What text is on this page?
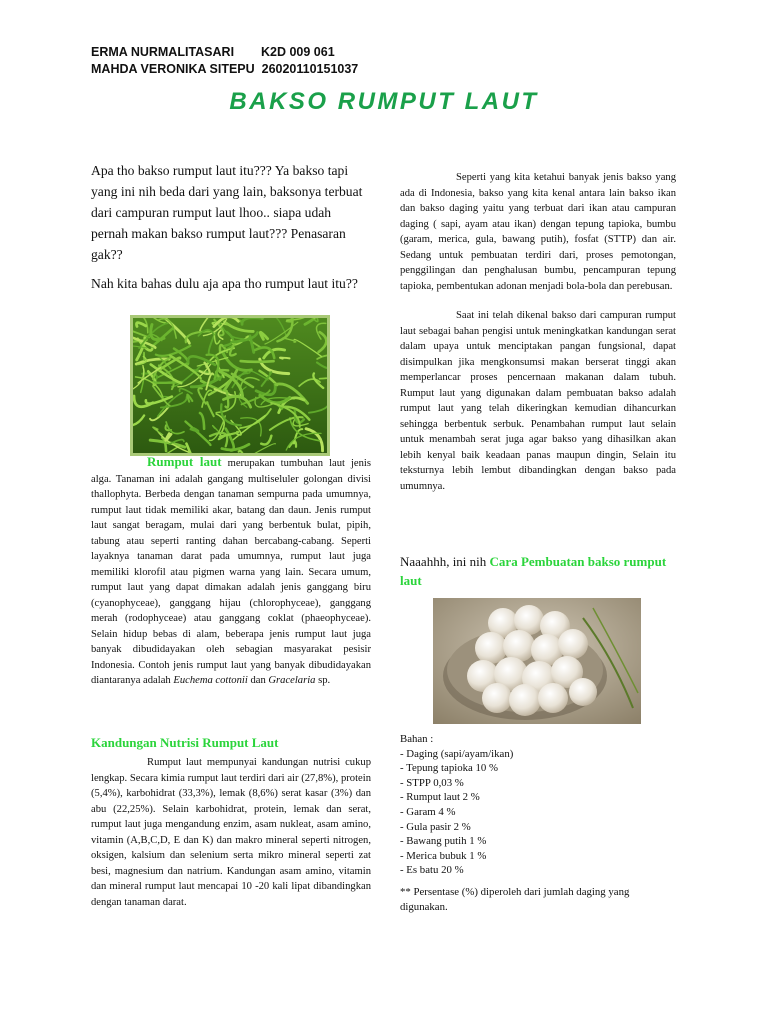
ERMA NURMALITASARI K2D 009 061
MAHDA VERONIKA SITEPU 26020110151037
BAKSO RUMPUT LAUT

Apa tho bakso rumput laut itu??? Ya bakso tapi yang ini nih beda dari yang lain, baksonya terbuat dari campuran rumput laut lhoo.. siapa udah pernah makan bakso rumput laut??? Penasaran gak??

Nah kita bahas dulu aja apa tho rumput laut itu??

Rumput laut merupakan tumbuhan laut jenis alga. Tanaman ini adalah gangang multiseluler golongan divisi thallophyta. Berbeda dengan tanaman sempurna pada umumnya, rumput laut tidak memiliki akar, batang dan daun. Jenis rumput laut sangat beragam, mulai dari yang berbentuk bulat, pipih, tabung atau seperti ranting dahan bercabang-cabang. Seperti layaknya tanaman darat pada umumnya, rumput laut juga memiliki klorofil atau pigmen warna yang lain. Secara umum, rumput laut yang dapat dimakan adalah jenis ganggang biru (cyanophyceae), ganggang hijau (chlorophyceae), ganggang merah (rodophyceae) atau ganggang coklat (phaeophyceae). Selain hidup bebas di alam, beberapa jenis rumput laut juga banyak dibudidayakan oleh sebagian masyarakat pesisir Indonesia. Contoh jenis rumput laut yang banyak dibudidayakan diantaranya adalah Euchema cottonii dan Gracelaria sp.

Kandungan Nutrisi Rumput Laut

Rumput laut mempunyai kandungan nutrisi cukup lengkap. Secara kimia rumput laut terdiri dari air (27,8%), protein (5,4%), karbohidrat (33,3%), lemak (8,6%) serat kasar (3%) dan abu (22,25%). Selain karbohidrat, protein, lemak dan serat, rumput laut juga mengandung enzim, asam nukleat, asam amino, vitamin (A,B,C,D, E dan K) dan makro mineral seperti nitrogen, oksigen, kalsium dan selenium serta mikro mineral seperti zat besi, magnesium dan natrium. Kandungan asam amino, vitamin dan mineral rumput laut mencapai 10 -20 kali lipat dibandingkan dengan tanaman darat.

Seperti yang kita ketahui banyak jenis bakso yang ada di Indonesia, bakso yang kita kenal antara lain bakso ikan dan bakso daging yaitu yang terbuat dari ikan atau campuran daging ( sapi, ayam atau ikan) dengan tepung tapioka, bumbu (garam, merica, gula, bawang putih), fosfat (STTP) dan air. Sedang untuk pembuatan terdiri dari, proses pemotongan, penggilingan dan penghalusan bumbu, pencampuran tepung tapioka, pembentukan adonan menjadi bola-bola dan perebusan.

Saat ini telah dikenal bakso dari campuran rumput laut sebagai bahan pengisi untuk meningkatkan kandungan serat dalam upaya untuk menciptakan pangan fungsional, dapat disimpulkan jika mengkonsumsi makan berserat tinggi akan memperlancar proses pencernaan makanan dalam tubuh. Rumput laut yang digunakan dalam pembuatan bakso adalah rumput laut yang telah dikeringkan kemudian dihancurkan sehingga berbentuk serbuk. Penambahan rumput laut selain untuk menambah serat juga agar bakso yang dihasilkan akan lebih kenyal baik keadaan panas maupun dingin, Selain itu teksturnya lebih lembut dibandingkan dengan bakso pada umumnya.

Naaahhh, ini nih Cara Pembuatan bakso rumput laut

Bahan :
- Daging (sapi/ayam/ikan)
- Tepung tapioka 10 %
- STPP 0,03 %
- Rumput laut 2 %
- Garam 4 %
- Gula pasir 2 %
- Bawang putih 1 %
- Merica bubuk 1 %
- Es batu 20 %
** Persentase (%) diperoleh dari jumlah daging yang digunakan.
